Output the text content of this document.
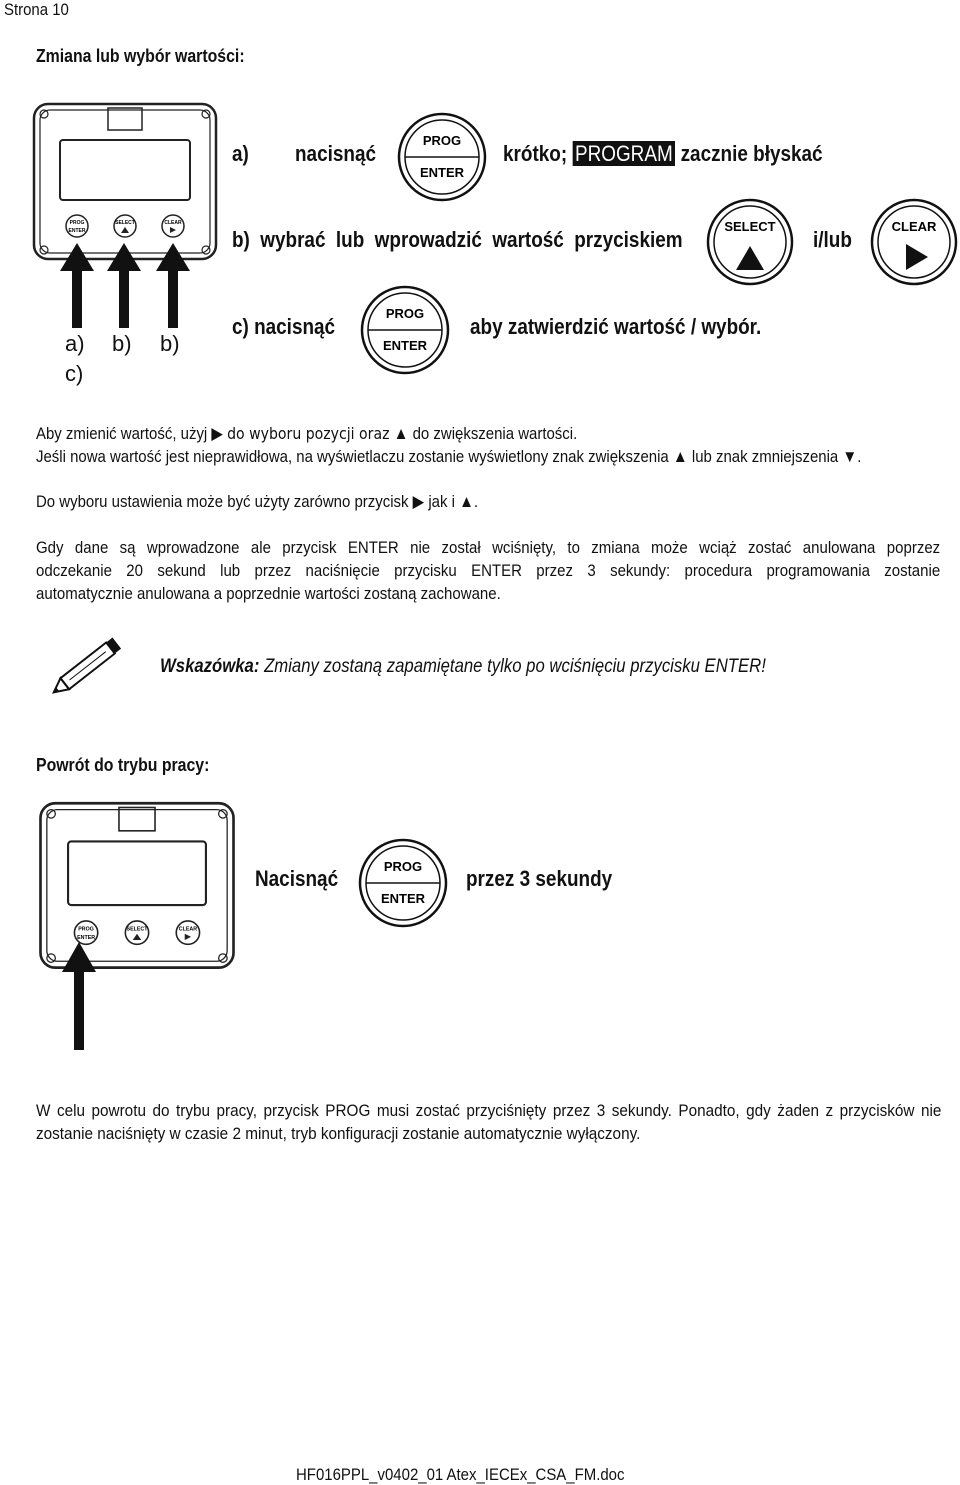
Strona 10
Zmiana lub wybór wartości:
PROG
ENTER
SELECT	CLEAR
a) b) b)
c)
a) nacisnąć
PROG
ENTER
krótko; PROGRAM zacznie błyskać
b) wybrać lub wprowadzić wartość przyciskiem
SELECT
i/lub
CLEAR
c) nacisnąć
PROG
ENTER
aby zatwierdzić wartość / wybór.
Aby zmienić wartość, użyj ▶ do wyboru pozycji oraz ▲ do zwiększenia wartości.
Jeśli nowa wartość jest nieprawidłowa, na wyświetlaczu zostanie wyświetlony znak zwiększenia ▲ lub znak zmniejszenia ▼.
Do wyboru ustawienia może być użyty zarówno przycisk ▶ jak i ▲.
Gdy dane są wprowadzone ale przycisk ENTER nie został wciśnięty, to zmiana może wciąż zostać anulowana poprzez
odczekanie 20 sekund lub przez naciśnięcie przycisku ENTER przez 3 sekundy: procedura programowania zostanie
automatycznie anulowana a poprzednie wartości zostaną zachowane.
Wskazówka: Zmiany zostaną zapamiętane tylko po wciśnięciu przycisku ENTER!
Powrót do trybu pracy:
PROG
ENTER
SELECT	CLEAR
Nacisnąć	PROG
ENTER
przez 3 sekundy
W celu powrotu do trybu pracy, przycisk PROG musi zostać przyciśnięty przez 3 sekundy. Ponadto, gdy żaden z przycisków nie
zostanie naciśnięty w czasie 2 minut, tryb konfiguracji zostanie automatycznie wyłączony.
HF016PPL_v0402_01 Atex_IECEx_CSA_FM.doc
